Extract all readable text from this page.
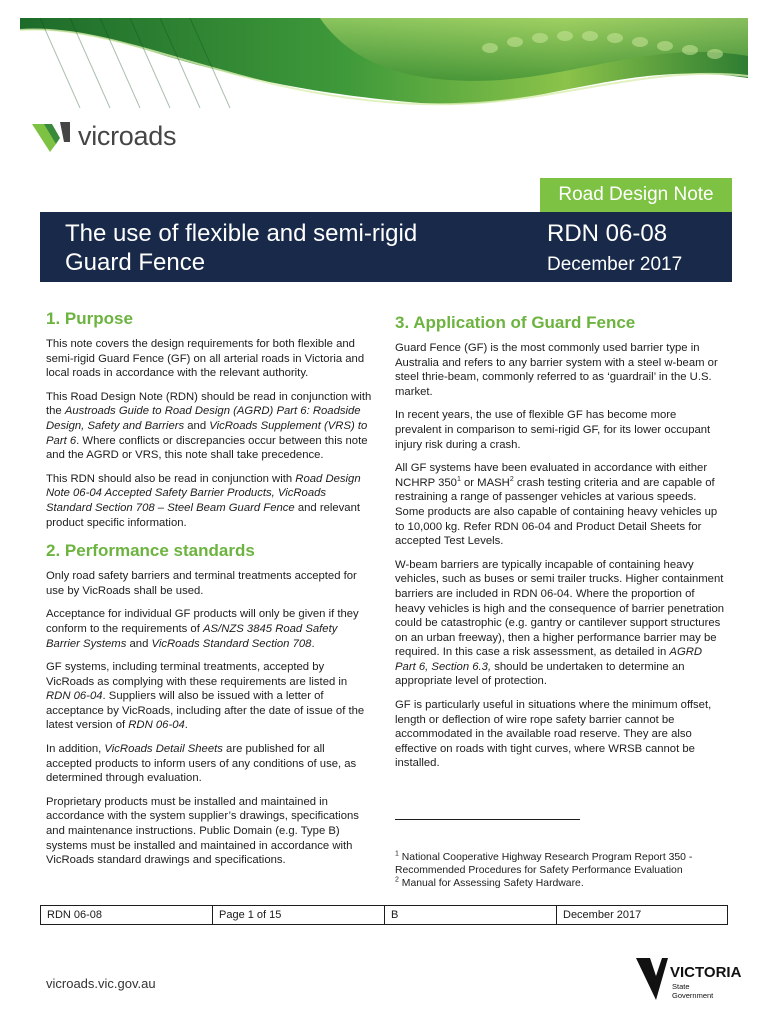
vicroads
Road Design Note
The use of flexible and semi-rigid Guard Fence
RDN 06-08
December 2017
1. Purpose

This note covers the design requirements for both flexible and semi-rigid Guard Fence (GF) on all arterial roads in Victoria and local roads in accordance with the relevant authority.

This Road Design Note (RDN) should be read in conjunction with the Austroads Guide to Road Design (AGRD) Part 6: Roadside Design, Safety and Barriers and VicRoads Supplement (VRS) to Part 6. Where conflicts or discrepancies occur between this note and the AGRD or VRS, this note shall take precedence.

This RDN should also be read in conjunction with Road Design Note 06-04 Accepted Safety Barrier Products, VicRoads Standard Section 708 – Steel Beam Guard Fence and relevant product specific information.

2. Performance standards

Only road safety barriers and terminal treatments accepted for use by VicRoads shall be used.

Acceptance for individual GF products will only be given if they conform to the requirements of AS/NZS 3845 Road Safety Barrier Systems and VicRoads Standard Section 708.

GF systems, including terminal treatments, accepted by VicRoads as complying with these requirements are listed in RDN 06-04. Suppliers will also be issued with a letter of acceptance by VicRoads, including after the date of issue of the latest version of RDN 06-04.

In addition, VicRoads Detail Sheets are published for all accepted products to inform users of any conditions of use, as determined through evaluation.

Proprietary products must be installed and maintained in accordance with the system supplier’s drawings, specifications and maintenance instructions. Public Domain (e.g. Type B) systems must be installed and maintained in accordance with VicRoads standard drawings and specifications.

3. Application of Guard Fence

Guard Fence (GF) is the most commonly used barrier type in Australia and refers to any barrier system with a steel w-beam or steel thrie-beam, commonly referred to as ‘guardrail’ in the U.S. market.

In recent years, the use of flexible GF has become more prevalent in comparison to semi-rigid GF, for its lower occupant injury risk during a crash.

All GF systems have been evaluated in accordance with either NCHRP $350^1$ or MASH$^2$ crash testing criteria and are capable of restraining a range of passenger vehicles at various speeds. Some products are also capable of containing heavy vehicles up to 10,000 kg. Refer RDN 06-04 and Product Detail Sheets for accepted Test Levels.

W-beam barriers are typically incapable of containing heavy vehicles, such as buses or semi trailer trucks. Higher containment barriers are included in RDN 06-04. Where the proportion of heavy vehicles is high and the consequence of barrier penetration could be catastrophic (e.g. gantry or cantilever support structures on an urban freeway), then a higher performance barrier may be required. In this case a risk assessment, as detailed in AGRD Part 6, Section 6.3, should be undertaken to determine an appropriate level of protection.

GF is particularly useful in situations where the minimum offset, length or deflection of wire rope safety barrier cannot be accommodated in the available road reserve. They are also effective on roads with tight curves, where WRSB cannot be installed.

$^1$ National Cooperative Highway Research Program Report 350 - Recommended Procedures for Safety Performance Evaluation

$^2$ Manual for Assessing Safety Hardware.

RDN 06-08	Page 1 of 15	B	December 2017
vicroads.vic.gov.au
VICTORIA
State
Government
